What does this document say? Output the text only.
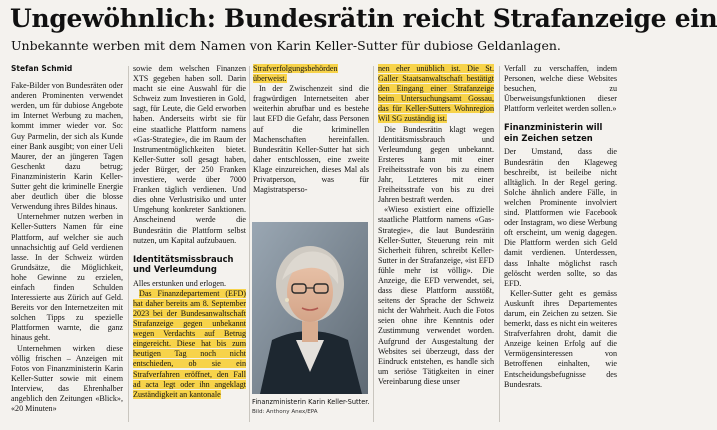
Ungewöhnlich: Bundesrätin reicht Strafanzeige ein
Unbekannte werben mit dem Namen von Karin Keller-Sutter für dubiose Geldanlagen.

Stefan Schmid

Fake-Bilder von Bundesräten oder anderen Prominenten verwendet werden, um für dubiose Angebote im Internet Werbung zu machen, kommt immer wieder vor. So: Guy Parmelin, der sich als Kunde einer Bank ausgibt; von einer Ueli Maurer, der an jüngeren Tagen Geschenkt dazu betrug; Finanzministerin Karin Keller-Sutter geht die kriminelle Energie aber deutlich über die blosse Verwendung ihres Bildes hinaus.

Unternehmer nutzen werben in Keller-Sutters Namen für eine Plattform, auf welcher sie auch unnachsichtig auf Geld verdienen lasse. In der Schweiz würden Grundsätze, die Möglichkeit, hohe Gewinne zu erzielen, einfach finden Schulden Interessierte aus Zürich auf Geld. Bereits vor den Internetzeiten mit solchen Tipps zu spezielle Plattformen warnte, die ganz hinaus geht.

Unternehmen wirken diese völlig frischen – Anzeigen mit Fotos von Finanzministerin Karin Keller-Sutter sowie mit einem Interview, das Ehrenhalber angeblich den Zeitungen «Blick», «20 Minuten»

sowie dem welschen Finanzen XTS gegeben haben soll. Darin macht sie eine Auswahl für die Schweiz zum Investieren in Gold, sagt, für Leute, die Geld erworben haben. Anderseits wirbt sie für eine staatliche Plattform namens «Gas-Strategie», die im Raum der Instrumentmöglichkeiten bietet. Keller-Sutter soll gesagt haben, jeder Bürger, der 250 Franken investiere, werde über 7000 Franken täglich verdienen. Und dies ohne Verlustrisiko und unter Umgehung konkreter Sanktionen. Anscheinend werde die Bundesrätin die Plattform selbst nutzen, um Kapital aufzubauen.

Identitätsmissbrauch und Verleumdung

Alles erstunken und erlogen.

Das Finanzdepartement (EFD) hat daher bereits am 8. September 2023 bei der Bundesanwaltschaft Strafanzeige gegen unbekannt wegen Verdachts auf Betrug eingereicht. Diese hat bis zum heutigen Tag noch nicht entschieden, ob sie ein Strafverfahren eröffnet, den Fall ad acta legt oder ihn angeklagt Zuständigkeit an kantonale

Strafverfolgungsbehörden überweist.

In der Zwischenzeit sind die fragwürdigen Internetseiten aber weiterhin abrufbar und es bestehe laut EFD die Gefahr, dass Personen auf die kriminellen Machenschaften hereinfallen. Bundesrätin Keller-Sutter hat sich daher entschlossen, eine zweite Klage einzureichen, dieses Mal als Privatperson, was für Magistratsperso-

Finanzministerin Karin Keller-Sutter. Bild: Anthony Anex/EPA

nen eher unüblich ist. Die St. Galler Staatsanwaltschaft bestätigt den Eingang einer Strafanzeige beim Untersuchungsamt Gossau, das für Keller-Sutters Wohnregion Wil SG zuständig ist.

Die Bundesrätin klagt wegen Identitätsmissbrauch und Verleumdung gegen unbekannt. Ersteres kann mit einer Freiheitsstrafe von bis zu einem Jahr, Letzteres mit einer Freiheitsstrafe von bis zu drei Jahren bestraft werden.

«Wieso existiert eine offizielle staatliche Plattform namens «Gas-Strategie», die laut Bundesrätin Keller-Sutter, Steuerung rein mit Sicherheit führen, schreibt Keller-Sutter in der Strafanzeige, «ist EFD fühle mehr ist völlig». Die Anzeige, die EFD verwendet, sei, dass diese Plattform ausstößt, seitens der Sprache der Schweiz nicht der Wahrheit. Auch die Fotos seien ohne ihre Kenntnis oder Zustimmung verwendet worden. Aufgrund der Ausgestaltung der Websites sei überzeugt, dass der Eindruck entstehen, es handle sich um seriöse Tätigkeiten in einer Vereinbarung diese unser

Verfall zu verschaffen, indem Personen, welche diese Websites besuchen, zu Überweisungsfunktionen dieser Plattform verleitet werden sollen.»

Finanzministerin will ein Zeichen setzen

Der Umstand, dass die Bundesrätin den Klageweg beschreibt, ist beileibe nicht alltäglich. In der Regel gering. Solche ähnlich andere Fälle, in welchen Prominente involviert sind. Plattformen wie Facebook oder Instagram, wo diese Werbung oft erscheint, um wenig dagegen. Die Plattform werden sich Geld damit verdienen. Unterdessen, dass Inhalte möglichst rasch gelöscht werden sollte, so das EFD.

Keller-Sutter geht es gemäss Auskunft ihres Departementes darum, ein Zeichen zu setzen. Sie bemerkt, dass es nicht ein weiteres Strafverfahren droht, damit die Anzeige keinen Erfolg auf die Vermögensinteressen von Betroffenen einhalten, wie Entscheidungsbefugnisse des Bundesrats.
